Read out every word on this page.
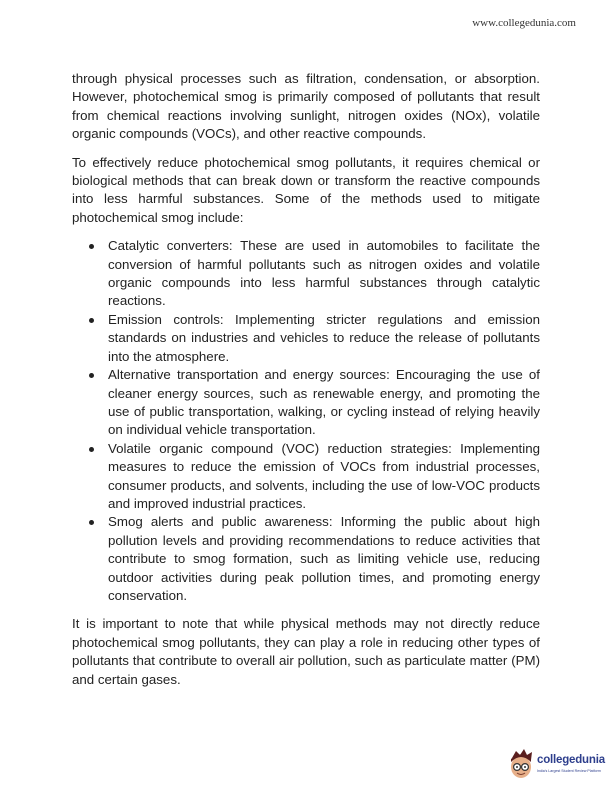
www.collegedunia.com

through physical processes such as filtration, condensation, or absorption. However, photochemical smog is primarily composed of pollutants that result from chemical reactions involving sunlight, nitrogen oxides (NOx), volatile organic compounds (VOCs), and other reactive compounds.

To effectively reduce photochemical smog pollutants, it requires chemical or biological methods that can break down or transform the reactive compounds into less harmful substances. Some of the methods used to mitigate photochemical smog include:

Catalytic converters: These are used in automobiles to facilitate the conversion of harmful pollutants such as nitrogen oxides and volatile organic compounds into less harmful substances through catalytic reactions.
Emission controls: Implementing stricter regulations and emission standards on industries and vehicles to reduce the release of pollutants into the atmosphere.
Alternative transportation and energy sources: Encouraging the use of cleaner energy sources, such as renewable energy, and promoting the use of public transportation, walking, or cycling instead of relying heavily on individual vehicle transportation.
Volatile organic compound (VOC) reduction strategies: Implementing measures to reduce the emission of VOCs from industrial processes, consumer products, and solvents, including the use of low-VOC products and improved industrial practices.
Smog alerts and public awareness: Informing the public about high pollution levels and providing recommendations to reduce activities that contribute to smog formation, such as limiting vehicle use, reducing outdoor activities during peak pollution times, and promoting energy conservation.

It is important to note that while physical methods may not directly reduce photochemical smog pollutants, they can play a role in reducing other types of pollutants that contribute to overall air pollution, such as particulate matter (PM) and certain gases.

collegedunia
India's Largest Student Review Platform
